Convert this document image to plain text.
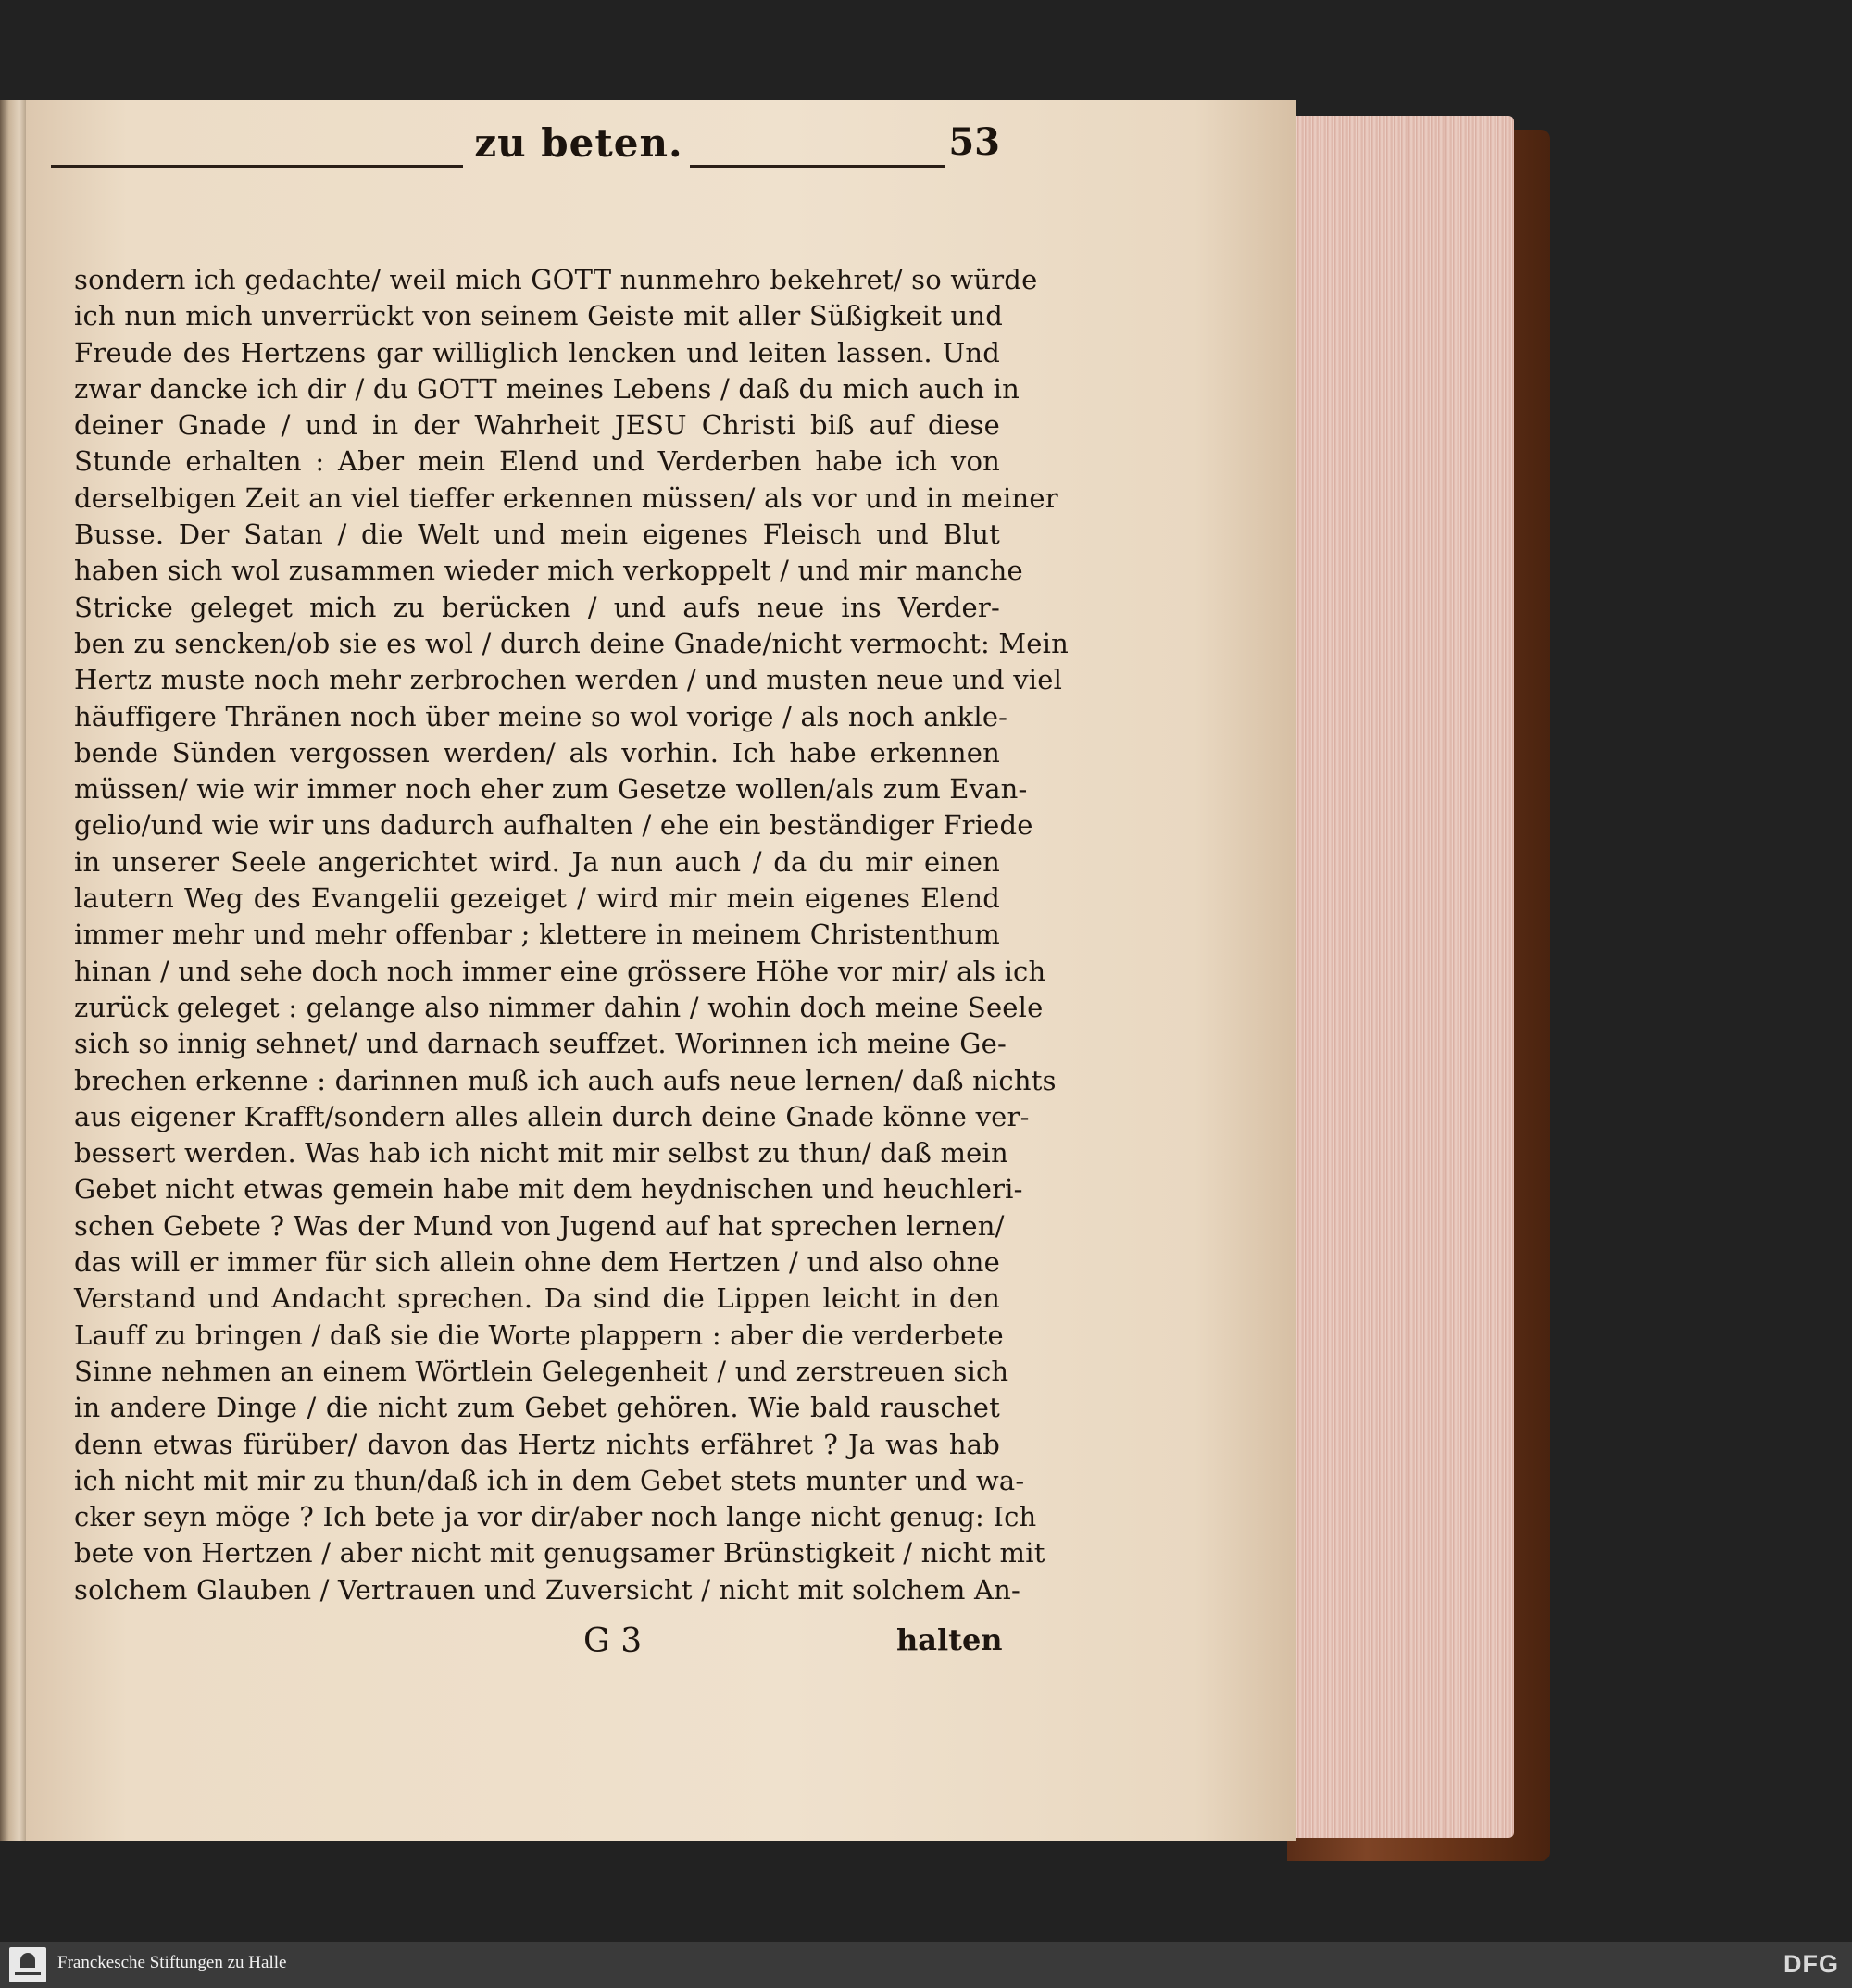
zu beten.	53
sondern ich gedachte/ weil mich GOTT nunmehro bekehret/ so würde
ich nun mich unverrückt von seinem Geiste mit aller Süßigkeit und
Freude des Hertzens gar williglich lencken und leiten lassen. Und
zwar dancke ich dir / du GOTT meines Lebens / daß du mich auch in
deiner Gnade / und in der Wahrheit JESU Christi biß auf diese
Stunde erhalten : Aber mein Elend und Verderben habe ich von
derselbigen Zeit an viel tieffer erkennen müssen/ als vor und in meiner
Busse. Der Satan / die Welt und mein eigenes Fleisch und Blut
haben sich wol zusammen wieder mich verkoppelt / und mir manche
Stricke geleget mich zu berücken / und aufs neue ins Verder-
ben zu sencken/ob sie es wol / durch deine Gnade/nicht vermocht: Mein
Hertz muste noch mehr zerbrochen werden / und musten neue und viel
häuffigere Thränen noch über meine so wol vorige / als noch ankle-
bende Sünden vergossen werden/ als vorhin. Ich habe erkennen
müssen/ wie wir immer noch eher zum Gesetze wollen/als zum Evan-
gelio/und wie wir uns dadurch aufhalten / ehe ein beständiger Friede
in unserer Seele angerichtet wird. Ja nun auch / da du mir einen
lautern Weg des Evangelii gezeiget / wird mir mein eigenes Elend
immer mehr und mehr offenbar ; klettere in meinem Christenthum
hinan / und sehe doch noch immer eine grössere Höhe vor mir/ als ich
zurück geleget : gelange also nimmer dahin / wohin doch meine Seele
sich so innig sehnet/ und darnach seuffzet. Worinnen ich meine Ge-
brechen erkenne : darinnen muß ich auch aufs neue lernen/ daß nichts
aus eigener Krafft/sondern alles allein durch deine Gnade könne ver-
bessert werden. Was hab ich nicht mit mir selbst zu thun/ daß mein
Gebet nicht etwas gemein habe mit dem heydnischen und heuchleri-
schen Gebete ? Was der Mund von Jugend auf hat sprechen lernen/
das will er immer für sich allein ohne dem Hertzen / und also ohne
Verstand und Andacht sprechen. Da sind die Lippen leicht in den
Lauff zu bringen / daß sie die Worte plappern : aber die verderbete
Sinne nehmen an einem Wörtlein Gelegenheit / und zerstreuen sich
in andere Dinge / die nicht zum Gebet gehören. Wie bald rauschet
denn etwas fürüber/ davon das Hertz nichts erfähret ? Ja was hab
ich nicht mit mir zu thun/daß ich in dem Gebet stets munter und wa-
cker seyn möge ? Ich bete ja vor dir/aber noch lange nicht genug: Ich
bete von Hertzen / aber nicht mit genugsamer Brünstigkeit / nicht mit
solchem Glauben / Vertrauen und Zuversicht / nicht mit solchem An-
G 3	halten
Franckesche Stiftungen zu Halle	DFG
